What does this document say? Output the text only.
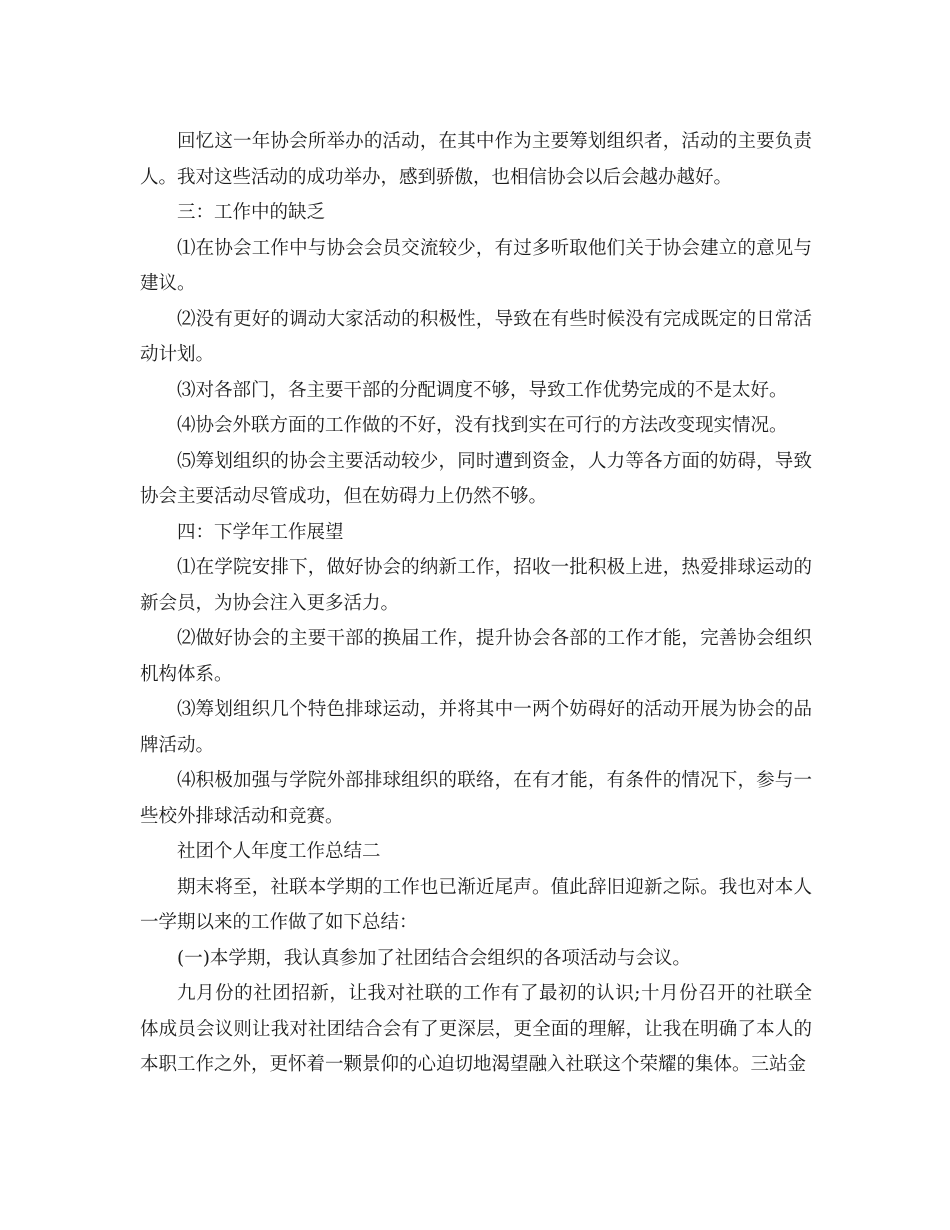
回忆这一年协会所举办的活动，在其中作为主要筹划组织者，活动的主要负责人。我对这些活动的成功举办，感到骄傲，也相信协会以后会越办越好。

三：工作中的缺乏

⑴在协会工作中与协会会员交流较少，有过多听取他们关于协会建立的意见与建议。

⑵没有更好的调动大家活动的积极性，导致在有些时候没有完成既定的日常活动计划。

⑶对各部门，各主要干部的分配调度不够，导致工作优势完成的不是太好。

⑷协会外联方面的工作做的不好，没有找到实在可行的方法改变现实情况。

⑸筹划组织的协会主要活动较少，同时遭到资金，人力等各方面的妨碍，导致协会主要活动尽管成功，但在妨碍力上仍然不够。

四：下学年工作展望

⑴在学院安排下，做好协会的纳新工作，招收一批积极上进，热爱排球运动的新会员，为协会注入更多活力。

⑵做好协会的主要干部的换届工作，提升协会各部的工作才能，完善协会组织机构体系。

⑶筹划组织几个特色排球运动，并将其中一两个妨碍好的活动开展为协会的品牌活动。

⑷积极加强与学院外部排球组织的联络，在有才能，有条件的情况下，参与一些校外排球活动和竞赛。

社团个人年度工作总结二

期末将至，社联本学期的工作也已渐近尾声。值此辞旧迎新之际。我也对本人一学期以来的工作做了如下总结：

(一)本学期，我认真参加了社团结合会组织的各项活动与会议。

九月份的社团招新，让我对社联的工作有了最初的认识;十月份召开的社联全体成员会议则让我对社团结合会有了更深层，更全面的理解，让我在明确了本人的本职工作之外，更怀着一颗景仰的心迫切地渴望融入社联这个荣耀的集体。三站金
